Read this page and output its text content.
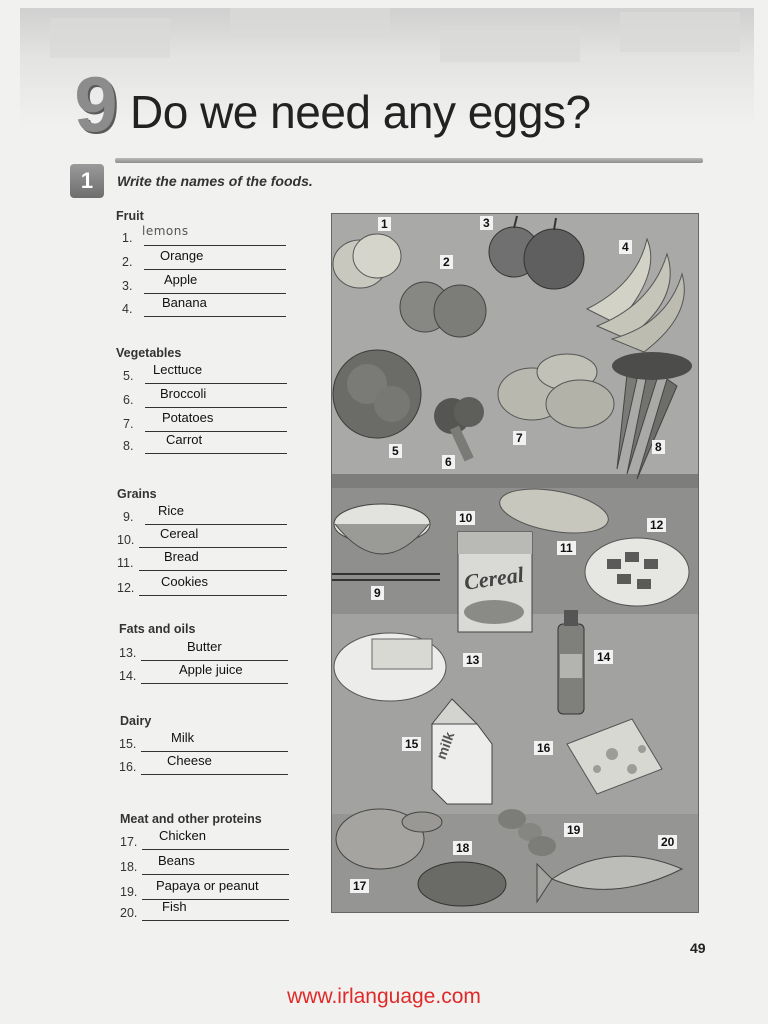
9 Do we need any eggs?
1	Write the names of the foods.
Fruit
1. lemons
2. Orange
3. Apple
4. Banana
Vegetables
5. Lecttuce
6. Broccoli
7. Potatoes
8.	Carrot
Grains
9. Rice
10. Cereal
11. Bread
12. Cookies
Fats and oils
13.	Butter
14.	Apple juice
Dairy
15.	Milk
16. Cheese
Meat and other proteins
17. Chicken
18. Beans
19. Papaya or peanut
20. Fish
Cereal
milk
1
2
3
4
5
6
7
8
9
10
11
12
13	14
15	16
17
18
19
20
49
www.irlanguage.com
